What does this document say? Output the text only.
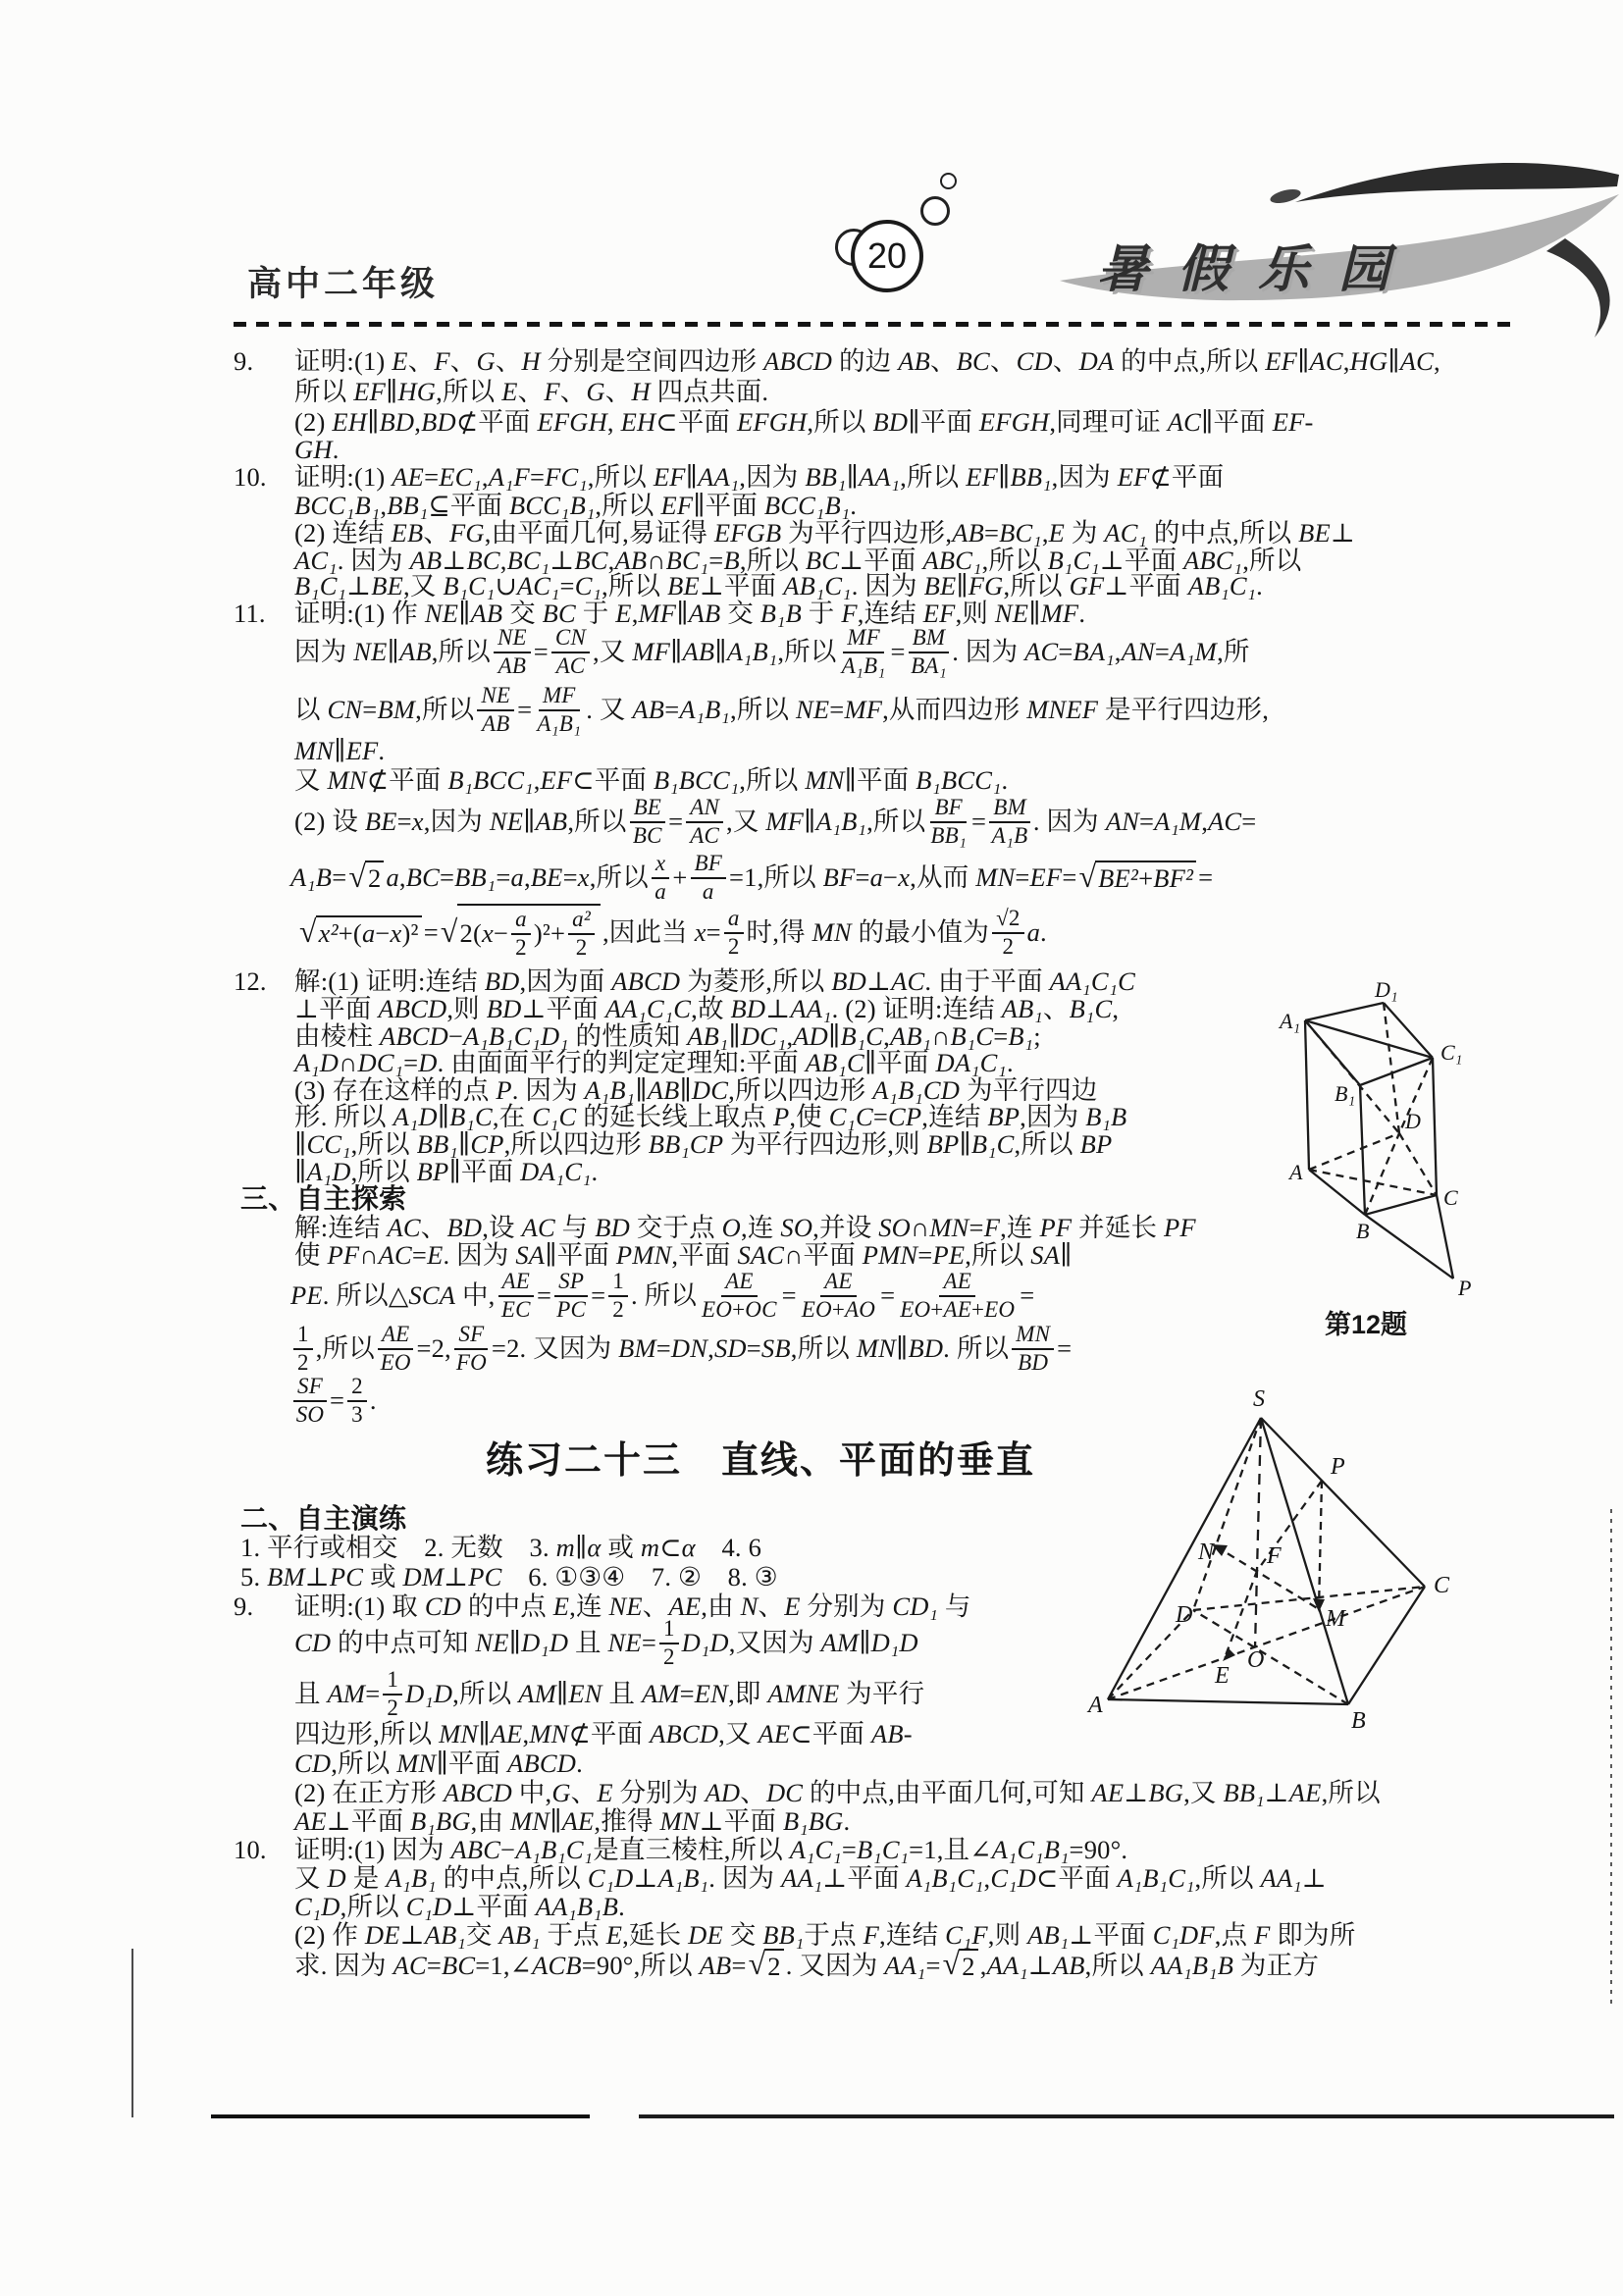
高中二年级
20	暑假乐园
9.	证明:(1) E、F、G、H 分别是空间四边形 ABCD 的边 AB、BC、CD、DA 的中点,所以 EF∥AC,HG∥AC,
所以 EF∥HG,所以 E、F、G、H 四点共面.
(2) EH∥BD,BD⊄平面 EFGH, EH⊂平面 EFGH,所以 BD∥平面 EFGH,同理可证 AC∥平面 EF-
GH.
10.	证明:(1) AE=EC₁,A₁F=FC₁,所以 EF∥AA₁,因为 BB₁∥AA₁,所以 EF∥BB₁,因为 EF⊄平面
BCC₁B₁,BB₁⊆平面 BCC₁B₁,所以 EF∥平面 BCC₁B₁.
(2) 连结 EB、FG,由平面几何,易证得 EFGB 为平行四边形,AB=BC₁,E 为 AC₁ 的中点,所以 BE⊥
AC₁. 因为 AB⊥BC,BC₁⊥BC,AB∩BC₁=B,所以 BC⊥平面 ABC₁,所以 B₁C₁⊥平面 ABC₁,所以
B₁C₁⊥BE,又 B₁C₁∪AC₁=C₁,所以 BE⊥平面 AB₁C₁. 因为 BE∥FG,所以 GF⊥平面 AB₁C₁.
11.	证明:(1) 作 NE∥AB 交 BC 于 E,MF∥AB 交 B₁B 于 F,连结 EF,则 NE∥MF.
因为 NE∥AB,所以 $\frac{NE}{AB} = \frac{CN}{AC}$ ,又 MF∥AB∥A₁B₁,所以 $\frac{MF}{\text{A₁B₁}} = \frac{BM}{\text{BA₁}}$ . 因为 AC=BA₁,AN=A₁M,所
以 CN=BM,所以 $\frac{NE}{AB} = \frac{MF}{\text{A₁B₁}}$ . 又 AB=A₁B₁,所以 NE=MF,从而四边形 MNEF 是平行四边形,
MN∥EF.
又 MN⊄平面 B₁BCC₁,EF⊂平面 B₁BCC₁,所以 MN∥平面 B₁BCC₁.
(2) 设 BE=x,因为 NE∥AB,所以 $\frac{BE}{BC} = \frac{AN}{AC}$ ,又 MF∥A₁B₁,所以 $\frac{BF}{\text{BB₁}} = \frac{BM}{\text{A₁B}}$ . 因为 AN=A₁M,AC=
A₁B= √ 2 a,BC=BB₁=a,BE=x,所以 $\frac{x}{a} + \frac{BF}{a} =1$,所以 BF=a−x,从而 MN=EF= √ BE² + BF² =
√ x² +( a − x )² = √ $2(x- \frac{a}{2} )^2+ \frac{\text{a²}}{2}$ ,因此当 $x= \frac{a}{2}$ 时,得 MN 的最小值为 $\frac{√2}{2} a$.
12.	解:(1) 证明:连结 BD,因为面 ABCD 为菱形,所以 BD⊥AC. 由于平面 AA₁C₁C
⊥平面 ABCD,则 BD⊥平面 AA₁C₁C,故 BD⊥AA₁. (2) 证明:连结 AB₁、B₁C,
由棱柱 ABCD−A₁B₁C₁D₁ 的性质知 AB₁∥DC₁,AD∥B₁C,AB₁∩B₁C=B₁;
A₁D∩DC₁=D. 由面面平行的判定定理知:平面 AB₁C∥平面 DA₁C₁.
(3) 存在这样的点 P. 因为 A₁B₁∥AB∥DC,所以四边形 A₁B₁CD 为平行四边
形. 所以 A₁D∥B₁C,在 C₁C 的延长线上取点 P,使 C₁C=CP,连结 BP,因为 B₁B
∥CC₁,所以 BB₁∥CP,所以四边形 BB₁CP 为平行四边形,则 BP∥B₁C,所以 BP
∥A₁D,所以 BP∥平面 DA₁C₁.
三、自主探索
解:连结 AC、BD,设 AC 与 BD 交于点 O,连 SO,并设 SO∩MN=F,连 PF 并延长 PF
使 PF∩AC=E. 因为 SA∥平面 PMN,平面 SAC∩平面 PMN=PE,所以 SA∥
PE. 所以△SCA 中, $\frac{AE}{EC} = \frac{SP}{PC} = \frac{1}{2}$ . 所以 $\frac{AE}{EO+OC} = \frac{AE}{EO+AO} = \frac{AE}{EO+AE+EO}$ =
$\frac{1}{2}$ ,所以 $\frac{AE}{EO} =2$, $\frac{SF}{FO} =2$. 又因为 BM=DN,SD=SB,所以 MN∥BD. 所以 $\frac{MN}{BD}$ =
$\frac{SF}{SO} = \frac{2}{3}$ .
练习二十三　直线、平面的垂直
二、自主演练
1. 平行或相交　2. 无数　3. m∥α 或 m⊂α　4. 6
5. BM⊥PC 或 DM⊥PC　6. ①③④　7. ②　8. ③
9.	证明:(1) 取 CD 的中点 E,连 NE、AE,由 N、E 分别为 CD₁ 与
CD 的中点可知 NE∥D₁D 且 $NE= \frac{1}{2} D_1D$,又因为 AM∥D₁D
且 $AM= \frac{1}{2} D_1D$,所以 AM∥EN 且 AM=EN,即 AMNE 为平行
四边形,所以 MN∥AE,MN⊄平面 ABCD,又 AE⊂平面 AB-
CD,所以 MN∥平面 ABCD.
(2) 在正方形 ABCD 中,G、E 分别为 AD、DC 的中点,由平面几何,可知 AE⊥BG,又 BB₁⊥AE,所以
AE⊥平面 B₁BG,由 MN∥AE,推得 MN⊥平面 B₁BG.
10.	证明:(1) 因为 ABC−A₁B₁C₁是直三棱柱,所以 A₁C₁=B₁C₁=1,且∠A₁C₁B₁=90°.
又 D 是 A₁B₁ 的中点,所以 C₁D⊥A₁B₁. 因为 AA₁⊥平面 A₁B₁C₁,C₁D⊂平面 A₁B₁C₁,所以 AA₁⊥
C₁D,所以 C₁D⊥平面 AA₁B₁B.
(2) 作 DE⊥AB₁交 AB₁ 于点 E,延长 DE 交 BB₁于点 F,连结 C₁F,则 AB₁⊥平面 C₁DF,点 F 即为所
求. 因为 AC=BC=1,∠ACB=90°,所以 AB= √ 2 . 又因为 AA₁= √ 2 ,AA₁⊥AB,所以 AA₁B₁B 为正方
A₁
D₁
C₁
B₁
A
B
C
D
P
第12题
S
P
N F
C
D	M
O
E
A
B
